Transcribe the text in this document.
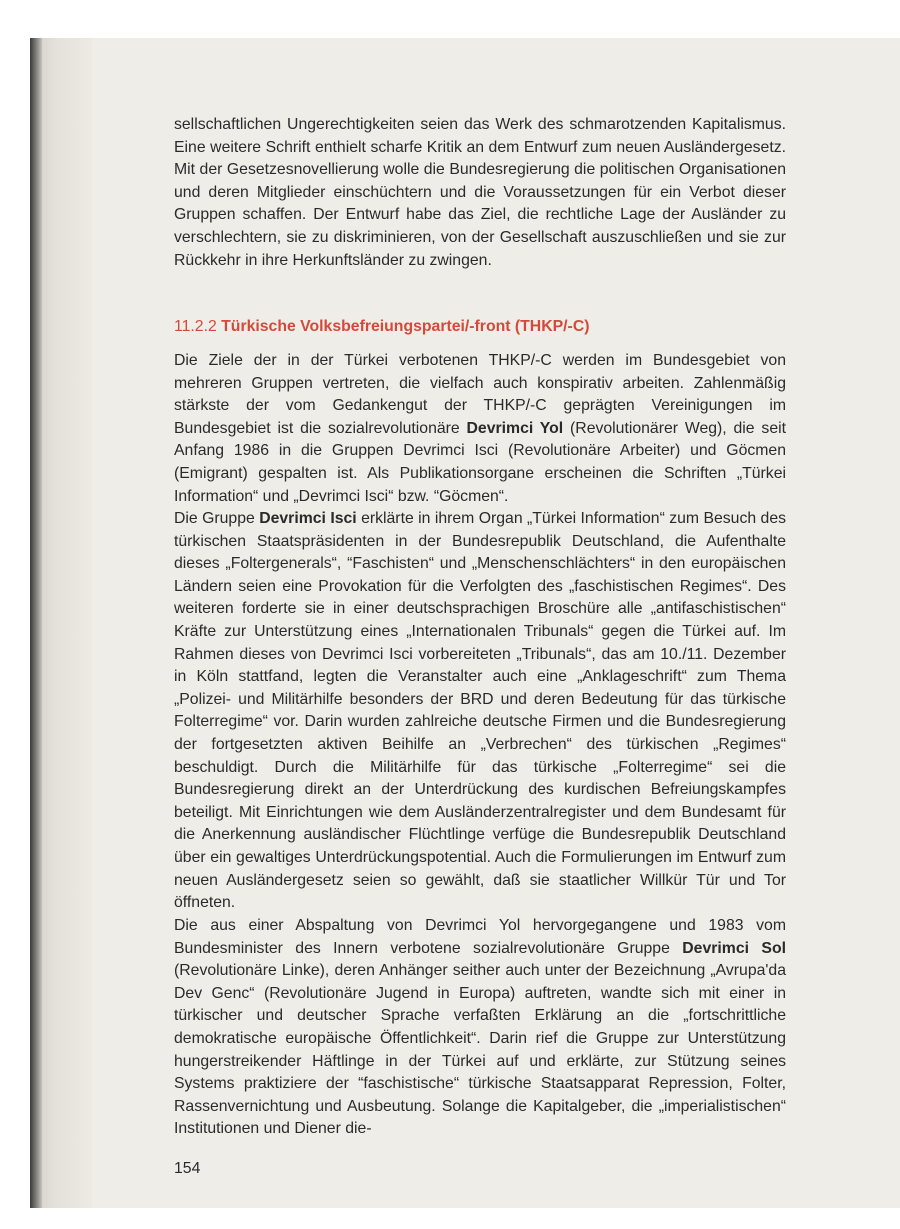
sellschaftlichen Ungerechtigkeiten seien das Werk des schmarotzenden Kapitalismus. Eine weitere Schrift enthielt scharfe Kritik an dem Entwurf zum neuen Ausländergesetz. Mit der Gesetzesnovellierung wolle die Bundesregierung die politischen Organisationen und deren Mitglieder einschüchtern und die Voraussetzungen für ein Verbot dieser Gruppen schaffen. Der Entwurf habe das Ziel, die rechtliche Lage der Ausländer zu verschlechtern, sie zu diskriminieren, von der Gesellschaft auszuschließen und sie zur Rückkehr in ihre Herkunftsländer zu zwingen.

11.2.2 Türkische Volksbefreiungspartei/-front (THKP/-C)

Die Ziele der in der Türkei verbotenen THKP/-C werden im Bundesgebiet von mehreren Gruppen vertreten, die vielfach auch konspirativ arbeiten. Zahlenmäßig stärkste der vom Gedankengut der THKP/-C geprägten Vereinigungen im Bundesgebiet ist die sozialrevolutionäre Devrimci Yol (Revolutionärer Weg), die seit Anfang 1986 in die Gruppen Devrimci Isci (Revolutionäre Arbeiter) und Göcmen (Emigrant) gespalten ist. Als Publikationsorgane erscheinen die Schriften „Türkei Information“ und „Devrimci Isci“ bzw. “Göcmen“.

Die Gruppe Devrimci Isci erklärte in ihrem Organ „Türkei Information“ zum Besuch des türkischen Staatspräsidenten in der Bundesrepublik Deutschland, die Aufenthalte dieses „Foltergenerals“, “Faschisten“ und „Menschenschlächters“ in den europäischen Ländern seien eine Provokation für die Verfolgten des „faschistischen Regimes“. Des weiteren forderte sie in einer deutschsprachigen Broschüre alle „antifaschistischen“ Kräfte zur Unterstützung eines „Internationalen Tribunals“ gegen die Türkei auf. Im Rahmen dieses von Devrimci Isci vorbereiteten „Tribunals“, das am 10./11. Dezember in Köln stattfand, legten die Veranstalter auch eine „Anklageschrift“ zum Thema „Polizei- und Militärhilfe besonders der BRD und deren Bedeutung für das türkische Folterregime“ vor. Darin wurden zahlreiche deutsche Firmen und die Bundesregierung der fortgesetzten aktiven Beihilfe an „Verbrechen“ des türkischen „Regimes“ beschuldigt. Durch die Militärhilfe für das türkische „Folterregime“ sei die Bundesregierung direkt an der Unterdrückung des kurdischen Befreiungskampfes beteiligt. Mit Einrichtungen wie dem Ausländerzentralregister und dem Bundesamt für die Anerkennung ausländischer Flüchtlinge verfüge die Bundesrepublik Deutschland über ein gewaltiges Unterdrückungspotential. Auch die Formulierungen im Entwurf zum neuen Ausländergesetz seien so gewählt, daß sie staatlicher Willkür Tür und Tor öffneten.

Die aus einer Abspaltung von Devrimci Yol hervorgegangene und 1983 vom Bundesminister des Innern verbotene sozialrevolutionäre Gruppe Devrimci Sol (Revolutionäre Linke), deren Anhänger seither auch unter der Bezeichnung „Avrupa'da Dev Genc“ (Revolutionäre Jugend in Europa) auftreten, wandte sich mit einer in türkischer und deutscher Sprache verfaßten Erklärung an die „fortschrittliche demokratische europäische Öffentlichkeit“. Darin rief die Gruppe zur Unterstützung hungerstreikender Häftlinge in der Türkei auf und erklärte, zur Stützung seines Systems praktiziere der “faschistische“ türkische Staatsapparat Repression, Folter, Rassenvernichtung und Ausbeutung. Solange die Kapitalgeber, die „imperialistischen“ Institutionen und Diener die-

154
